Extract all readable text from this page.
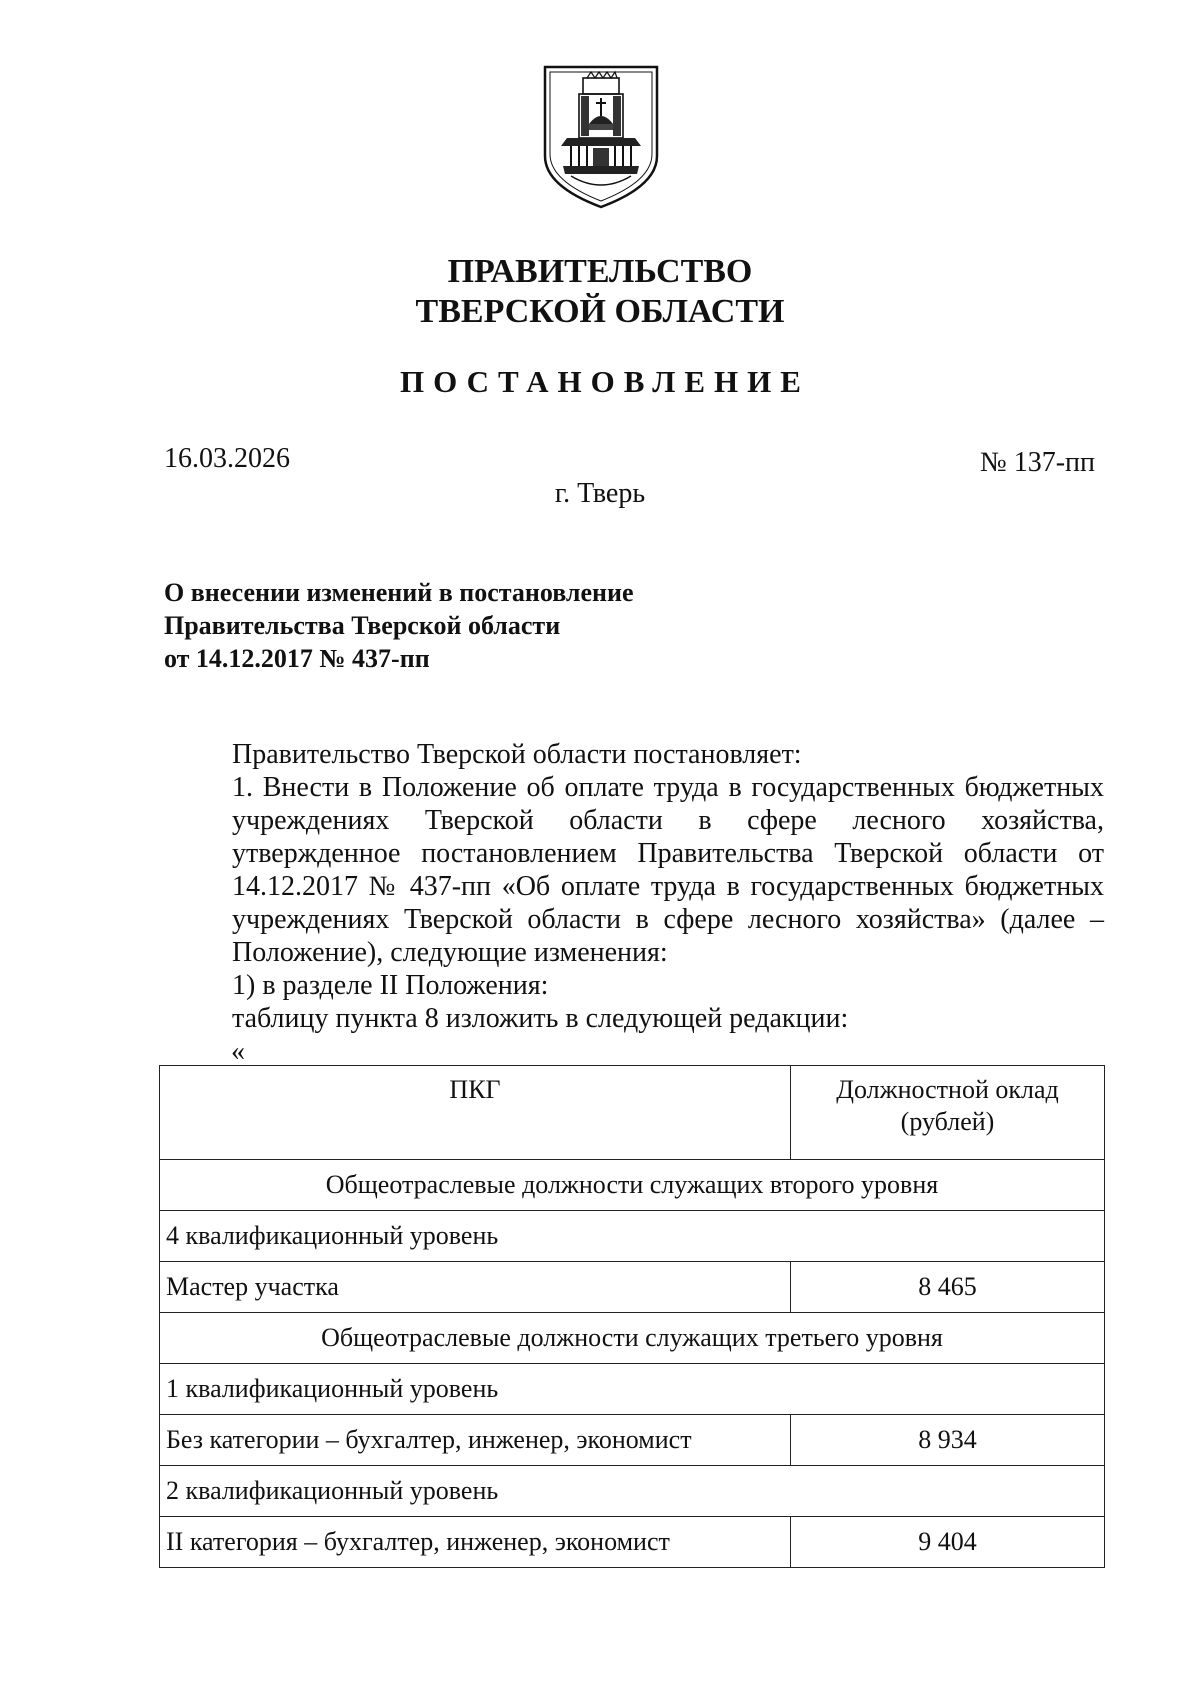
ПРАВИТЕЛЬСТВО
ТВЕРСКОЙ ОБЛАСТИ
ПОСТАНОВЛЕНИЕ
16.03.2026	№ 137-пп
г. Тверь
О внесении изменений в постановление
Правительства Тверской области
от 14.12.2017 № 437-пп

Правительство Тверской области постановляет:

1. Внести в Положение об оплате труда в государственных бюджетных учреждениях Тверской области в сфере лесного хозяйства, утвержденное постановлением Правительства Тверской области от 14.12.2017 № 437-пп «Об оплате труда в государственных бюджетных учреждениях Тверской области в сфере лесного хозяйства» (далее – Положение), следующие изменения:

1) в разделе II Положения:

таблицу пункта 8 изложить в следующей редакции:

«
ПКГ	Должностной оклад
(рублей)

Общеотраслевые должности служащих второго уровня	
4 квалификационный уровень	
Мастер участка	8 465
Общеотраслевые должности служащих третьего уровня	
1 квалификационный уровень	
Без категории – бухгалтер, инженер, экономист	8 934
2 квалификационный уровень	
II категория – бухгалтер, инженер, экономист	9 404
